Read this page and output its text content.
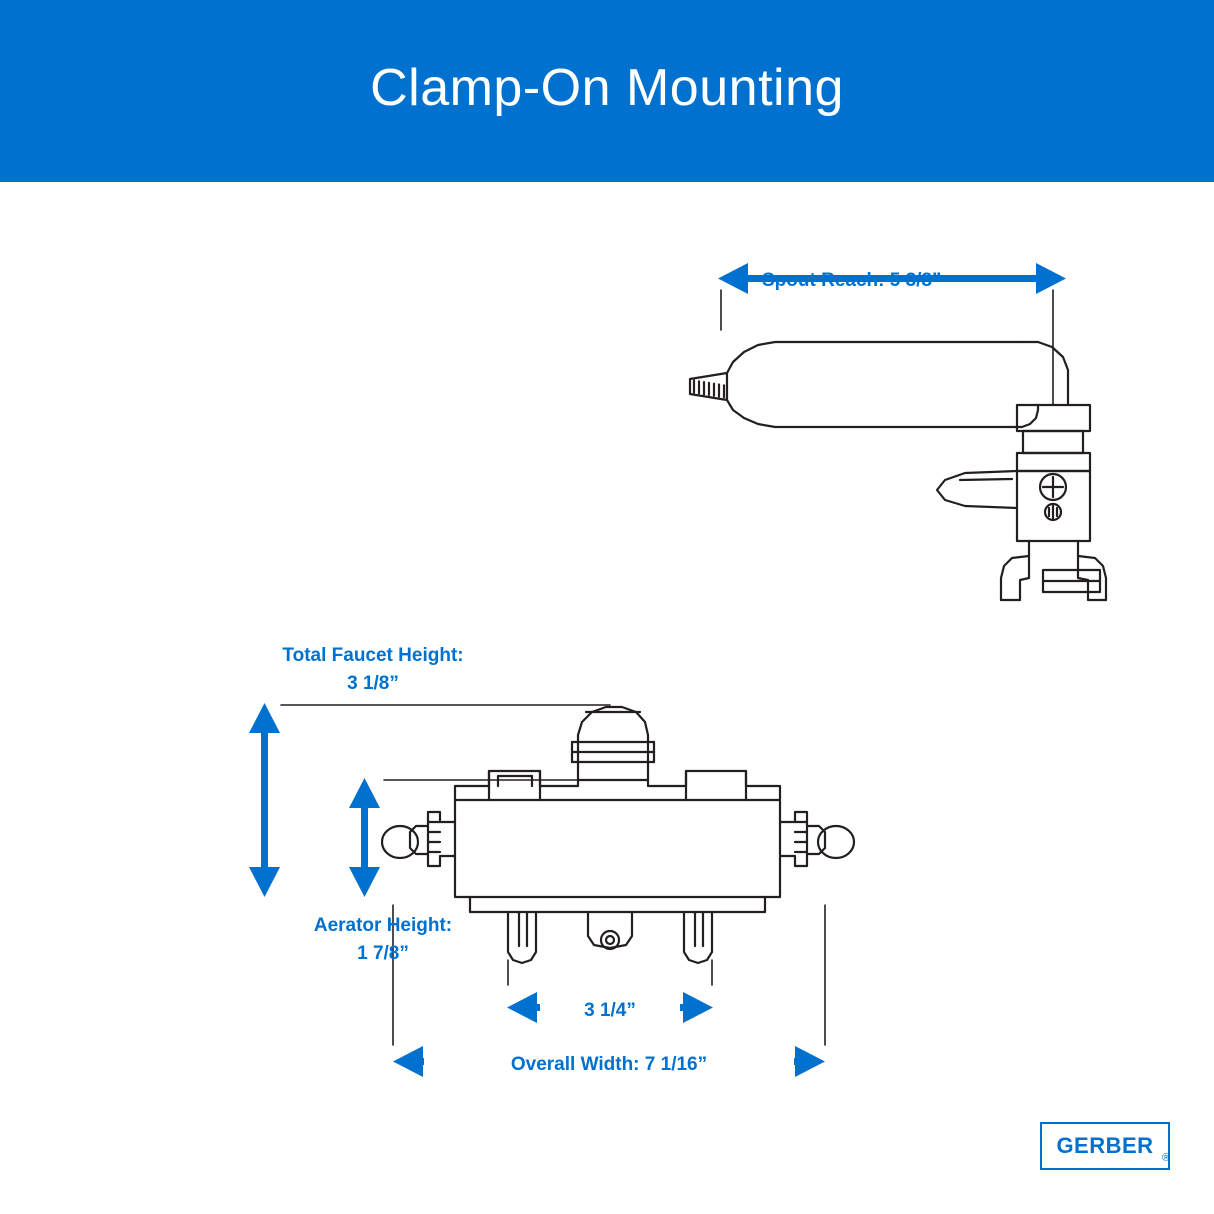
Clamp-On Mounting
Spout Reach: 5 3/8”
Total Faucet Height:
3 1/8”
Aerator Height:
1 7/8”
3 1/4”
Overall Width: 7 1/16”
GERBER ®
